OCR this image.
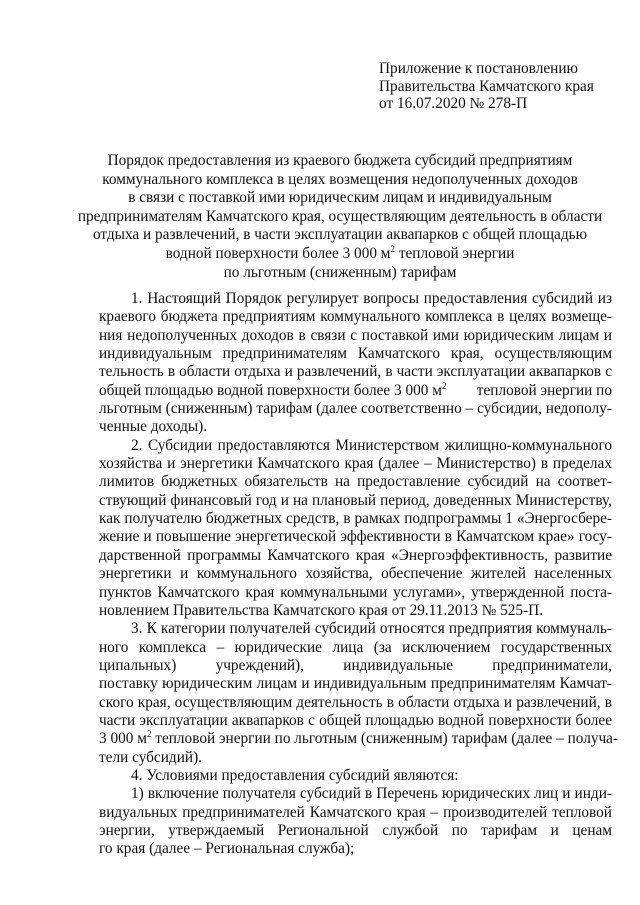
Приложение к постановлению
Правительства Камчатского края
от 16.07.2020 № 278-П
Порядок предоставления из краевого бюджета субсидий предприятиям
коммунального комплекса в целях возмещения недополученных доходов
в связи с поставкой ими юридическим лицам и индивидуальным
предпринимателям Камчатского края, осуществляющим деятельность в области
отдыха и развлечений, в части эксплуатации аквапарков с общей площадью
водной поверхности более 3 000 $м^2$ тепловой энергии
по льготным (сниженным) тарифам
1. Настоящий Порядок регулирует вопросы предоставления субсидий из
краевого бюджета предприятиям коммунального комплекса в целях возмеще-
ния недополученных доходов в связи с поставкой ими юридическим лицам и
индивидуальным предпринимателям Камчатского края, осуществляющим
тельность в области отдыха и развлечений, в части эксплуатации аквапарков с
общей площадью водной поверхности более 3 000 $м^2$ тепловой энергии по
льготным (сниженным) тарифам (далее соответственно – субсидии, недополу-
ченные доходы).
2. Субсидии предоставляются Министерством жилищно-коммунального
хозяйства и энергетики Камчатского края (далее – Министерство) в пределах
лимитов бюджетных обязательств на предоставление субсидий на соответ-
ствующий финансовый год и на плановый период, доведенных Министерству,
как получателю бюджетных средств, в рамках подпрограммы 1 «Энергосбере-
жение и повышение энергетической эффективности в Камчатском крае» госу-
дарственной программы Камчатского края «Энергоэффективность, развитие
энергетики и коммунального хозяйства, обеспечение жителей населенных
пунктов Камчатского края коммунальными услугами», утвержденной поста-
новлением Правительства Камчатского края от 29.11.2013 № 525-П.
3. К категории получателей субсидий относятся предприятия коммуналь-
ного комплекса – юридические лица (за исключением государственных
ципальных) учреждений), индивидуальные предприниматели,
поставку юридическим лицам и индивидуальным предпринимателям Камчат-
ского края, осуществляющим деятельность в области отдыха и развлечений, в
части эксплуатации аквапарков с общей площадью водной поверхности более
3 000 $м^2$ тепловой энергии по льготным (сниженным) тарифам (далее – получа-
тели субсидий).
4. Условиями предоставления субсидий являются:
1) включение получателя субсидий в Перечень юридических лиц и инди-
видуальных предпринимателей Камчатского края – производителей тепловой
энергии, утверждаемый Региональной службой по тарифам и ценам
го края (далее – Региональная служба);
